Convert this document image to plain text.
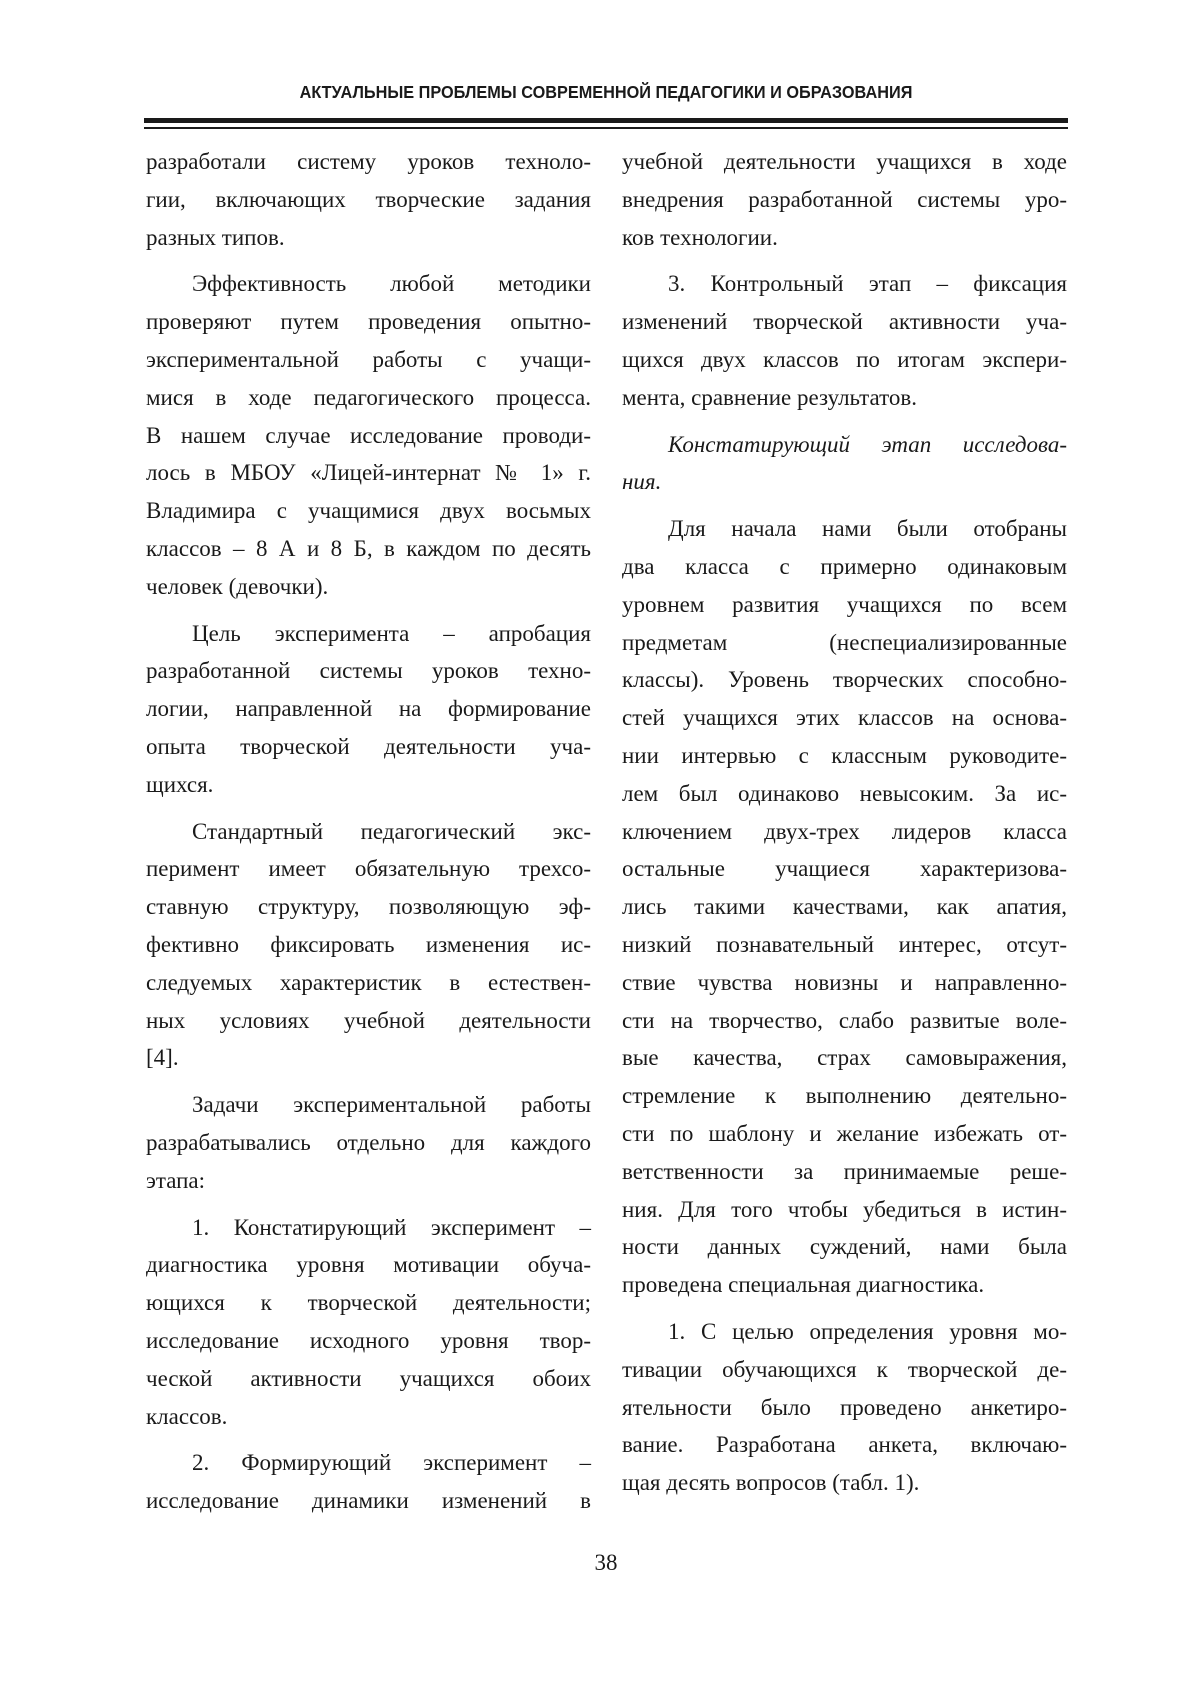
АКТУАЛЬНЫЕ ПРОБЛЕМЫ СОВРЕМЕННОЙ ПЕДАГОГИКИ И ОБРАЗОВАНИЯ

разработали систему уроков техноло-
гии, включающих творческие задания
разных типов.

Эффективность любой методики
проверяют путем проведения опытно-
экспериментальной работы с учащи-
мися в ходе педагогического процесса.
В нашем случае исследование проводи-
лось в МБОУ «Лицей-интернат № 1» г.
Владимира с учащимися двух восьмых
классов – 8 А и 8 Б, в каждом по десять
человек (девочки).

Цель эксперимента – апробация
разработанной системы уроков техно-
логии, направленной на формирование
опыта творческой деятельности уча-
щихся.

Стандартный педагогический экс-
перимент имеет обязательную трехсо-
ставную структуру, позволяющую эф-
фективно фиксировать изменения ис-
следуемых характеристик в естествен-
ных условиях учебной деятельности
[4].

Задачи экспериментальной работы
разрабатывались отдельно для каждого
этапа:

1. Констатирующий эксперимент –
диагностика уровня мотивации обуча-
ющихся к творческой деятельности;
исследование исходного уровня твор-
ческой активности учащихся обоих
классов.

2. Формирующий эксперимент –
исследование динамики изменений в

учебной деятельности учащихся в ходе
внедрения разработанной системы уро-
ков технологии.

3. Контрольный этап – фиксация
изменений творческой активности уча-
щихся двух классов по итогам экспери-
мента, сравнение результатов.

Констатирующий этап исследова-
ния.

Для начала нами были отобраны
два класса с примерно одинаковым
уровнем развития учащихся по всем
предметам (неспециализированные
классы). Уровень творческих способно-
стей учащихся этих классов на основа-
нии интервью с классным руководите-
лем был одинаково невысоким. За ис-
ключением двух-трех лидеров класса
остальные учащиеся характеризова-
лись такими качествами, как апатия,
низкий познавательный интерес, отсут-
ствие чувства новизны и направленно-
сти на творчество, слабо развитые воле-
вые качества, страх самовыражения,
стремление к выполнению деятельно-
сти по шаблону и желание избежать от-
ветственности за принимаемые реше-
ния. Для того чтобы убедиться в истин-
ности данных суждений, нами была
проведена специальная диагностика.

1. С целью определения уровня мо-
тивации обучающихся к творческой де-
ятельности было проведено анкетиро-
вание. Разработана анкета, включаю-
щая десять вопросов (табл. 1).

38
